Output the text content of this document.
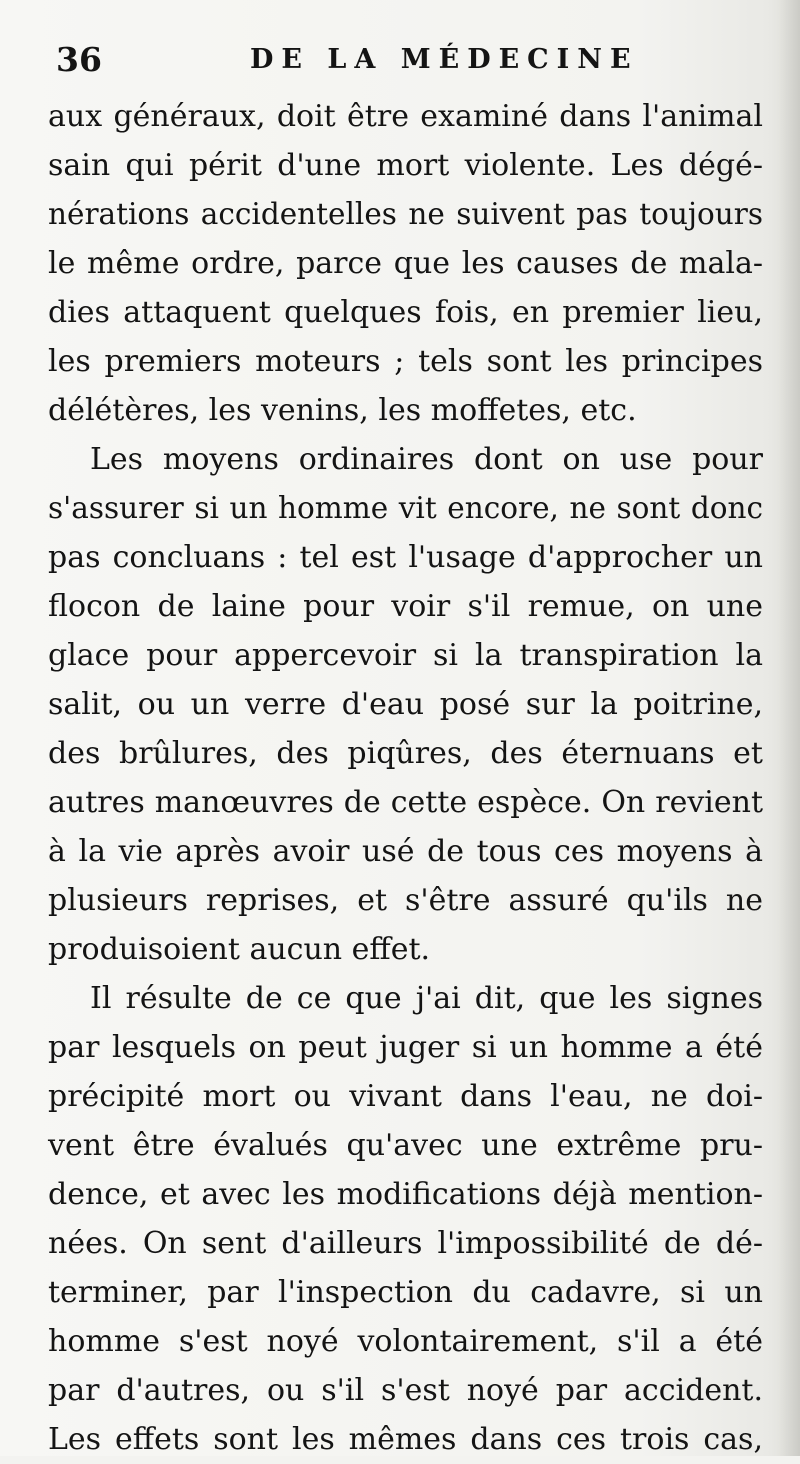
36	DE LA MÉDECINE
aux généraux, doit être examiné dans l'animal
sain qui périt d'une mort violente. Les dégé-
nérations accidentelles ne suivent pas toujours
le même ordre, parce que les causes de mala-
dies attaquent quelques fois, en premier lieu,
les premiers moteurs ; tels sont les principes
délétères, les venins, les moffetes, etc.
Les moyens ordinaires dont on use pour
s'assurer si un homme vit encore, ne sont donc
pas concluans : tel est l'usage d'approcher un
flocon de laine pour voir s'il remue, on une
glace pour appercevoir si la transpiration la
salit, ou un verre d'eau posé sur la poitrine,
des brûlures, des piqûres, des éternuans et
autres manœuvres de cette espèce. On revient
à la vie après avoir usé de tous ces moyens à
plusieurs reprises, et s'être assuré qu'ils ne
produisoient aucun effet.
Il résulte de ce que j'ai dit, que les signes
par lesquels on peut juger si un homme a été
précipité mort ou vivant dans l'eau, ne doi-
vent être évalués qu'avec une extrême pru-
dence, et avec les modifications déjà mention-
nées. On sent d'ailleurs l'impossibilité de dé-
terminer, par l'inspection du cadavre, si un
homme s'est noyé volontairement, s'il a été
par d'autres, ou s'il s'est noyé par accident.
Les effets sont les mêmes dans ces trois cas,
